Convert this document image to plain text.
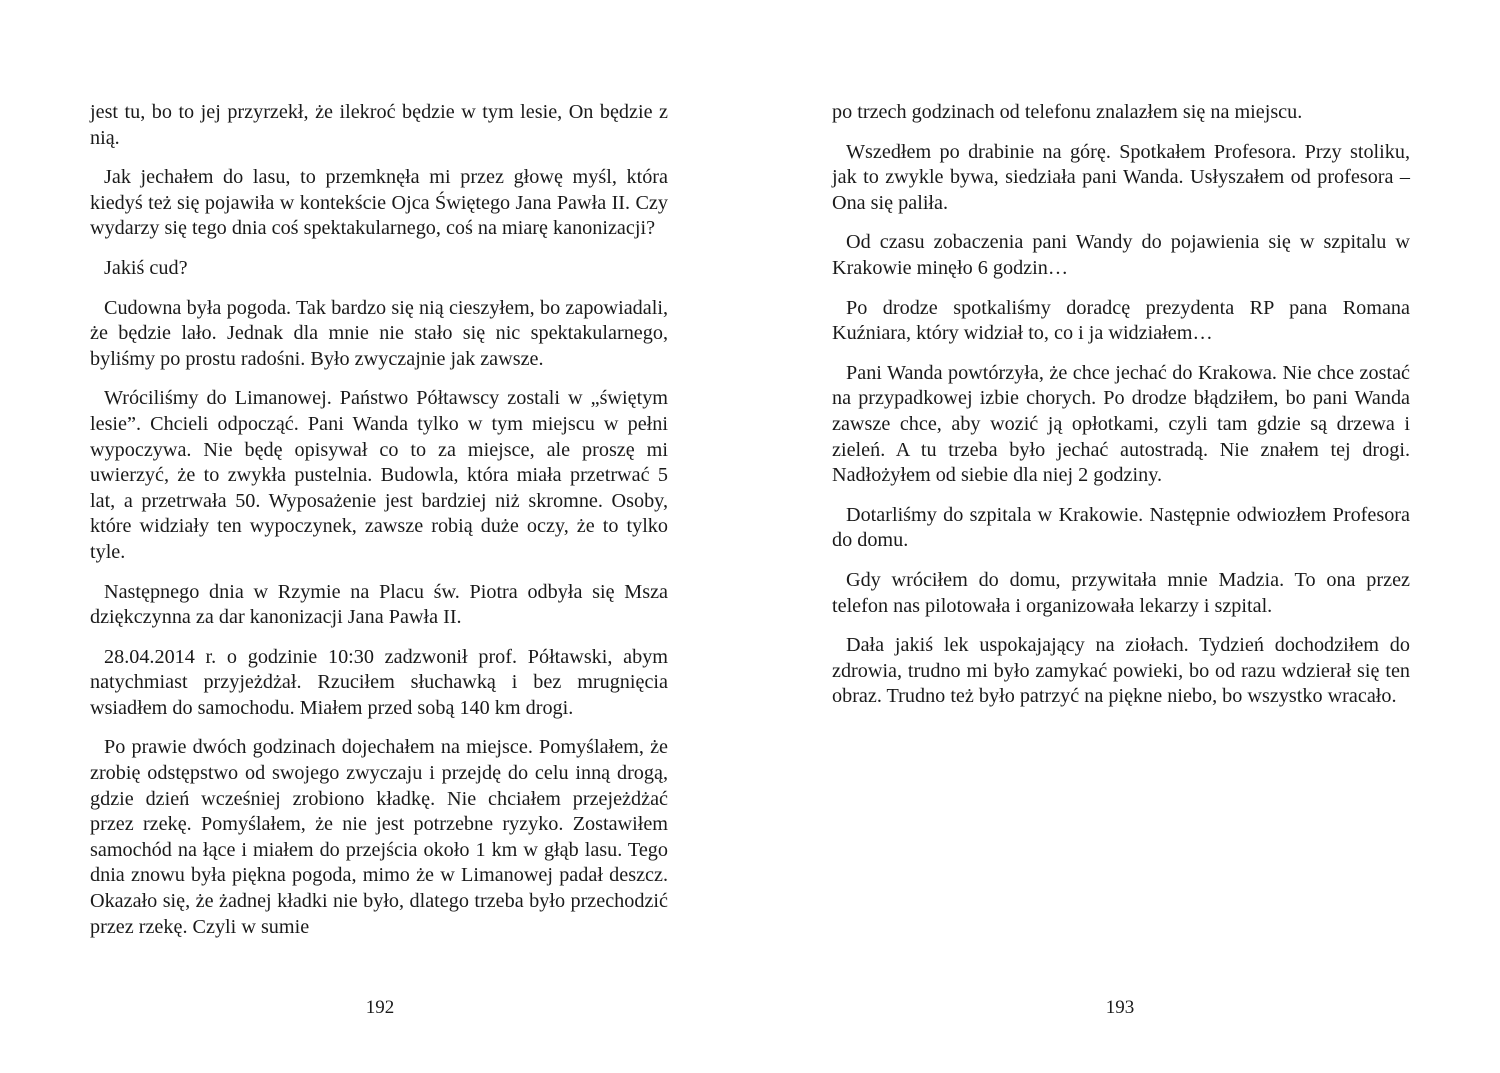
jest tu, bo to jej przyrzekł, że ilekroć będzie w tym lesie, On będzie z nią.

Jak jechałem do lasu, to przemknęła mi przez głowę myśl, która kiedyś też się pojawiła w kontekście Ojca Świętego Jana Pawła II. Czy wydarzy się tego dnia coś spektakularnego, coś na miarę kanonizacji?

Jakiś cud?

Cudowna była pogoda. Tak bardzo się nią cieszyłem, bo zapowiadali, że będzie lało. Jednak dla mnie nie stało się nic spektakularnego, byliśmy po prostu radośni. Było zwyczajnie jak zawsze.

Wróciliśmy do Limanowej. Państwo Półtawscy zostali w „świętym lesie”. Chcieli odpocząć. Pani Wanda tylko w tym miejscu w pełni wypoczywa. Nie będę opisywał co to za miejsce, ale proszę mi uwierzyć, że to zwykła pustelnia. Budowla, która miała przetrwać 5 lat, a przetrwała 50. Wyposażenie jest bardziej niż skromne. Osoby, które widziały ten wypoczynek, zawsze robią duże oczy, że to tylko tyle.

Następnego dnia w Rzymie na Placu św. Piotra odbyła się Msza dziękczynna za dar kanonizacji Jana Pawła II.

28.04.2014 r. o godzinie 10:30 zadzwonił prof. Półtawski, abym natychmiast przyjeżdżał. Rzuciłem słuchawką i bez mrugnięcia wsiadłem do samochodu. Miałem przed sobą 140 km drogi.

Po prawie dwóch godzinach dojechałem na miejsce. Pomyślałem, że zrobię odstępstwo od swojego zwyczaju i przejdę do celu inną drogą, gdzie dzień wcześniej zrobiono kładkę. Nie chciałem przejeżdżać przez rzekę. Pomyślałem, że nie jest potrzebne ryzyko. Zostawiłem samochód na łące i miałem do przejścia około 1 km w głąb lasu. Tego dnia znowu była piękna pogoda, mimo że w Limanowej padał deszcz. Okazało się, że żadnej kładki nie było, dlatego trzeba było przechodzić przez rzekę. Czyli w sumie

192

po trzech godzinach od telefonu znalazłem się na miejscu.

Wszedłem po drabinie na górę. Spotkałem Profesora. Przy stoliku, jak to zwykle bywa, siedziała pani Wanda. Usłyszałem od profesora – Ona się paliła.

Od czasu zobaczenia pani Wandy do pojawienia się w szpitalu w Krakowie minęło 6 godzin…

Po drodze spotkaliśmy doradcę prezydenta RP pana Romana Kuźniara, który widział to, co i ja widziałem…

Pani Wanda powtórzyła, że chce jechać do Krakowa. Nie chce zostać na przypadkowej izbie chorych. Po drodze błądziłem, bo pani Wanda zawsze chce, aby wozić ją opłotkami, czyli tam gdzie są drzewa i zieleń. A tu trzeba było jechać autostradą. Nie znałem tej drogi. Nadłożyłem od siebie dla niej 2 godziny.

Dotarliśmy do szpitala w Krakowie. Następnie odwiozłem Profesora do domu.

Gdy wróciłem do domu, przywitała mnie Madzia. To ona przez telefon nas pilotowała i organizowała lekarzy i szpital.

Dała jakiś lek uspokajający na ziołach. Tydzień dochodziłem do zdrowia, trudno mi było zamykać powieki, bo od razu wdzierał się ten obraz. Trudno też było patrzyć na piękne niebo, bo wszystko wracało.

193
